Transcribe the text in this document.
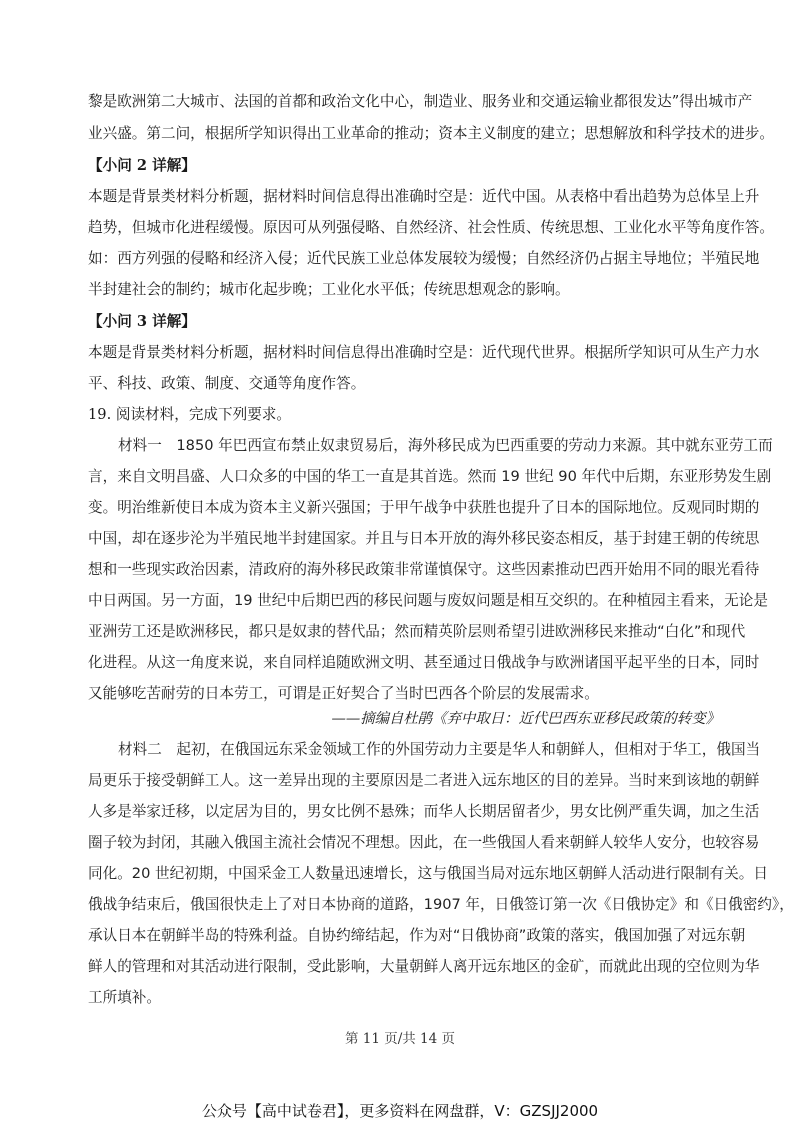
黎是欧洲第二大城市、法国的首都和政治文化中心，制造业、服务业和交通运输业都很发达”得出城市产
业兴盛。第二问，根据所学知识得出工业革命的推动；资本主义制度的建立；思想解放和科学技术的进步。
【小问 2 详解】
本题是背景类材料分析题，据材料时间信息得出准确时空是：近代中国。从表格中看出趋势为总体呈上升
趋势，但城市化进程缓慢。原因可从列强侵略、自然经济、社会性质、传统思想、工业化水平等角度作答。
如：西方列强的侵略和经济入侵；近代民族工业总体发展较为缓慢；自然经济仍占据主导地位；半殖民地
半封建社会的制约；城市化起步晚；工业化水平低；传统思想观念的影响。
【小问 3 详解】
本题是背景类材料分析题，据材料时间信息得出准确时空是：近代现代世界。根据所学知识可从生产力水
平、科技、政策、制度、交通等角度作答。
19. 阅读材料，完成下列要求。
材料一　1850 年巴西宣布禁止奴隶贸易后，海外移民成为巴西重要的劳动力来源。其中就东亚劳工而
言，来自文明昌盛、人口众多的中国的华工一直是其首选。然而 19 世纪 90 年代中后期，东亚形势发生剧
变。明治维新使日本成为资本主义新兴强国；于甲午战争中获胜也提升了日本的国际地位。反观同时期的
中国，却在逐步沦为半殖民地半封建国家。并且与日本开放的海外移民姿态相反，基于封建王朝的传统思
想和一些现实政治因素，清政府的海外移民政策非常谨慎保守。这些因素推动巴西开始用不同的眼光看待
中日两国。另一方面，19 世纪中后期巴西的移民问题与废奴问题是相互交织的。在种植园主看来，无论是
亚洲劳工还是欧洲移民，都只是奴隶的替代品；然而精英阶层则希望引进欧洲移民来推动“白化”和现代
化进程。从这一角度来说，来自同样追随欧洲文明、甚至通过日俄战争与欧洲诸国平起平坐的日本，同时
又能够吃苦耐劳的日本劳工，可谓是正好契合了当时巴西各个阶层的发展需求。
——摘编自杜鹃《弃中取日：近代巴西东亚移民政策的转变》
材料二　起初，在俄国远东采金领域工作的外国劳动力主要是华人和朝鲜人，但相对于华工，俄国当
局更乐于接受朝鲜工人。这一差异出现的主要原因是二者进入远东地区的目的差异。当时来到该地的朝鲜
人多是举家迁移，以定居为目的，男女比例不悬殊；而华人长期居留者少，男女比例严重失调，加之生活
圈子较为封闭，其融入俄国主流社会情况不理想。因此，在一些俄国人看来朝鲜人较华人安分，也较容易
同化。20 世纪初期，中国采金工人数量迅速增长，这与俄国当局对远东地区朝鲜人活动进行限制有关。日
俄战争结束后，俄国很快走上了对日本协商的道路，1907 年，日俄签订第一次《日俄协定》和《日俄密约》，
承认日本在朝鲜半岛的特殊利益。自协约缔结起，作为对“日俄协商”政策的落实，俄国加强了对远东朝
鲜人的管理和对其活动进行限制，受此影响，大量朝鲜人离开远东地区的金矿，而就此出现的空位则为华
工所填补。
第 11 页/共 14 页
公众号【高中试卷君】，更多资料在网盘群，V：GZSJJ2000
